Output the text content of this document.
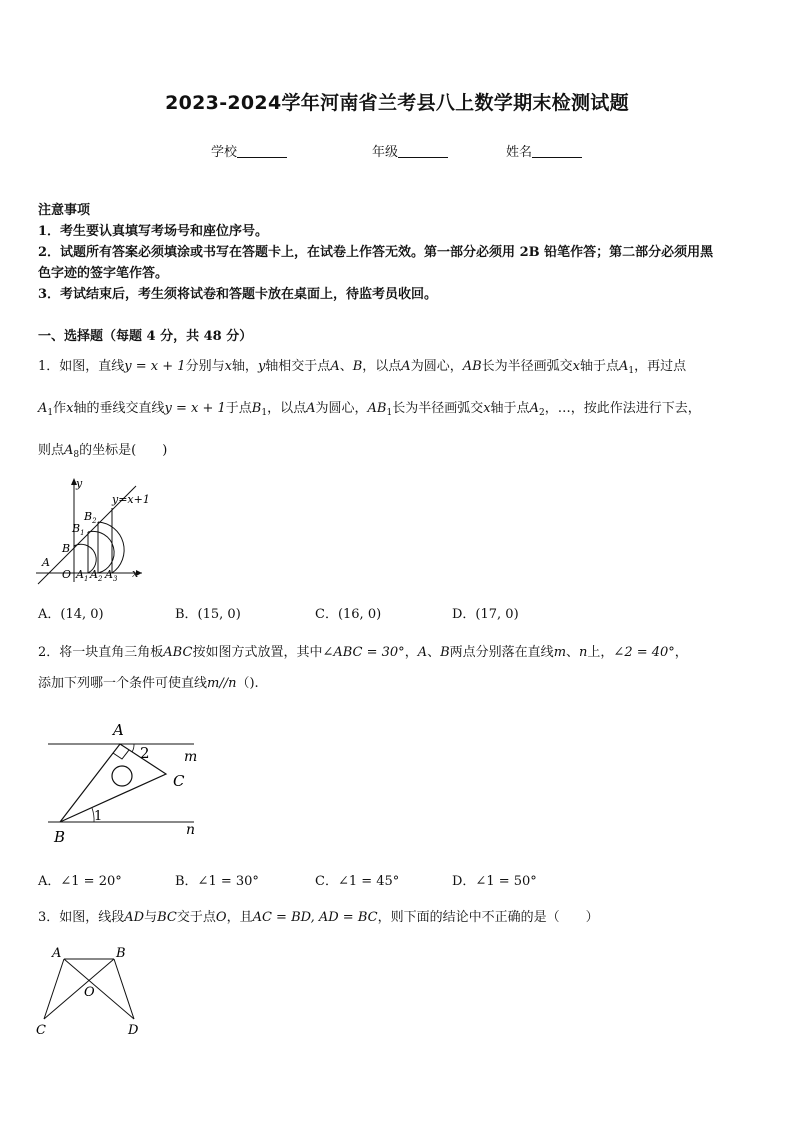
2023-2024学年河南省兰考县八上数学期末检测试题
学校	年级	姓名
注意事项
1．考生要认真填写考场号和座位序号。
2．试题所有答案必须填涂或书写在答题卡上，在试卷上作答无效。第一部分必须用 2B 铅笔作答；第二部分必须用黑
色字迹的签字笔作答。
3．考试结束后，考生须将试卷和答题卡放在桌面上，待监考员收回。
一、选择题（每题 4 分，共 48 分）
1．如图，直线y = x + 1分别与x轴，y轴相交于点A、B，以点A为圆心，AB长为半径画弧交x轴于点$A_1$，再过点
$A_1$作x轴的垂线交直线y = x + 1于点$B_1$，以点A为圆心，$AB_1$长为半径画弧交x轴于点$A_2$，…，按此作法进行下去，
则点$A_8$的坐标是(　　)
y
x
y=x+1
A
O
B
$B_1$
$B_2$
$A_1$ $A_2$ $A_3$
A．(14, 0)	B．(15, 0)	C．(16, 0)	D．(17, 0)
2．将一块直角三角板ABC按如图方式放置，其中∠ABC = 30°，A、B两点分别落在直线m、n上，∠2 = 40°，
添加下列哪一个条件可使直线m//n（).
A
2 m
C
1
n
B
A．∠1 = 20°	B．∠1 = 30°	C．∠1 = 45°	D．∠1 = 50°
3．如图，线段AD与BC交于点O，且AC = BD, AD = BC，则下面的结论中不正确的是（　　）
A	B
O
C	D
